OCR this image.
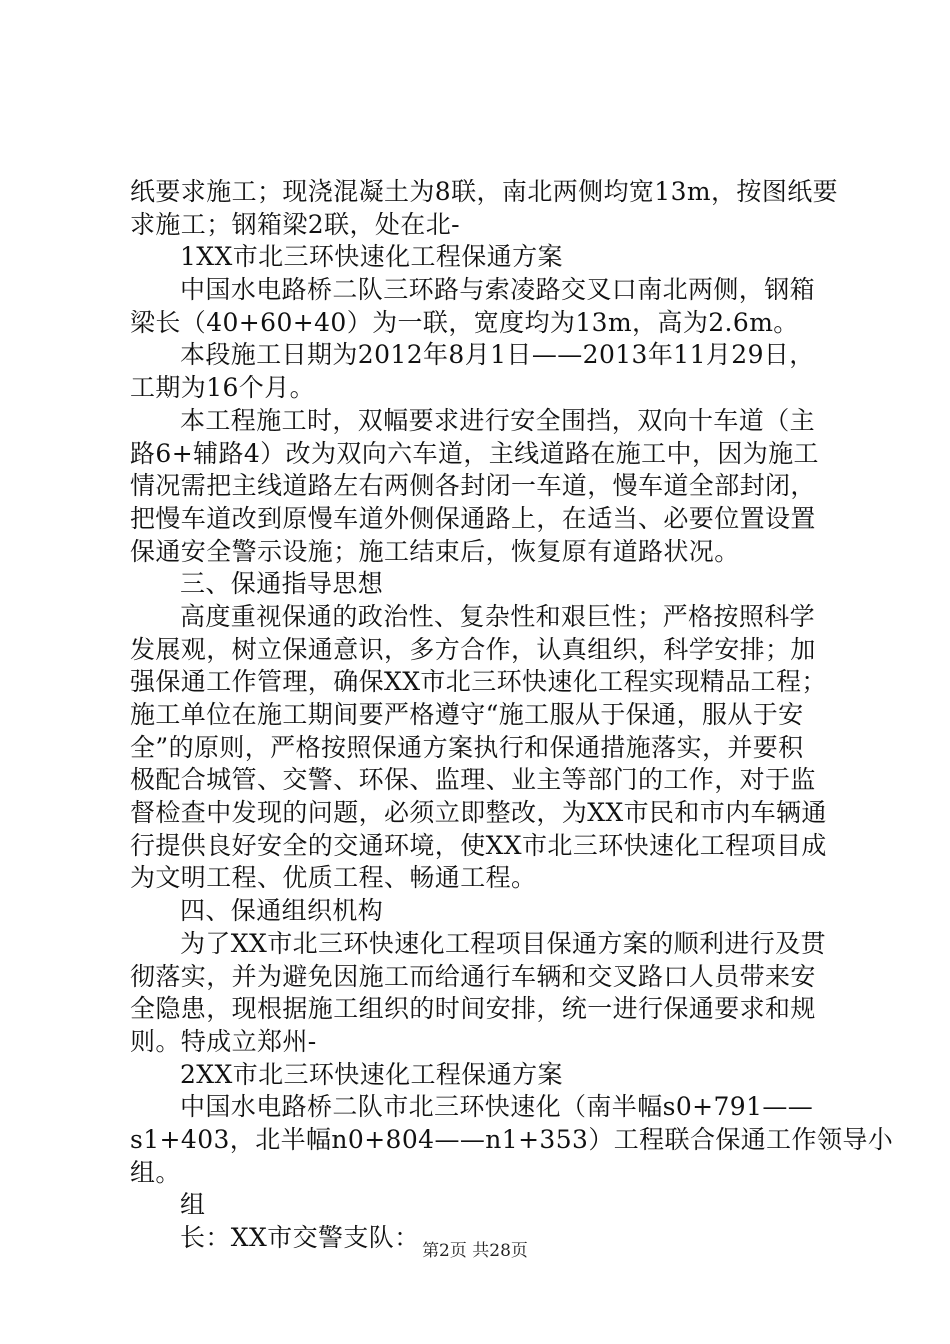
纸要求施工；现浇混凝土为8联，南北两侧均宽13m，按图纸要
求施工；钢箱梁2联，处在北-
1XX市北三环快速化工程保通方案
中国水电路桥二队三环路与索凌路交叉口南北两侧，钢箱
梁长（40+60+40）为一联，宽度均为13m，高为2.6m。
本段施工日期为2012年8月1日——2013年11月29日，
工期为16个月。
本工程施工时，双幅要求进行安全围挡，双向十车道（主
路6+辅路4）改为双向六车道，主线道路在施工中，因为施工
情况需把主线道路左右两侧各封闭一车道，慢车道全部封闭，
把慢车道改到原慢车道外侧保通路上，在适当、必要位置设置
保通安全警示设施；施工结束后，恢复原有道路状况。
三、保通指导思想
高度重视保通的政治性、复杂性和艰巨性；严格按照科学
发展观，树立保通意识，多方合作，认真组织，科学安排；加
强保通工作管理，确保XX市北三环快速化工程实现精品工程；
施工单位在施工期间要严格遵守“施工服从于保通，服从于安
全”的原则，严格按照保通方案执行和保通措施落实，并要积
极配合城管、交警、环保、监理、业主等部门的工作，对于监
督检查中发现的问题，必须立即整改，为XX市民和市内车辆通
行提供良好安全的交通环境，使XX市北三环快速化工程项目成
为文明工程、优质工程、畅通工程。
四、保通组织机构
为了XX市北三环快速化工程项目保通方案的顺利进行及贯
彻落实，并为避免因施工而给通行车辆和交叉路口人员带来安
全隐患，现根据施工组织的时间安排，统一进行保通要求和规
则。特成立郑州-
2XX市北三环快速化工程保通方案
中国水电路桥二队市北三环快速化（南半幅s0+791——
s1+403，北半幅n0+804——n1+353）工程联合保通工作领导小
组。
组
长：XX市交警支队： 第2页 共28页
